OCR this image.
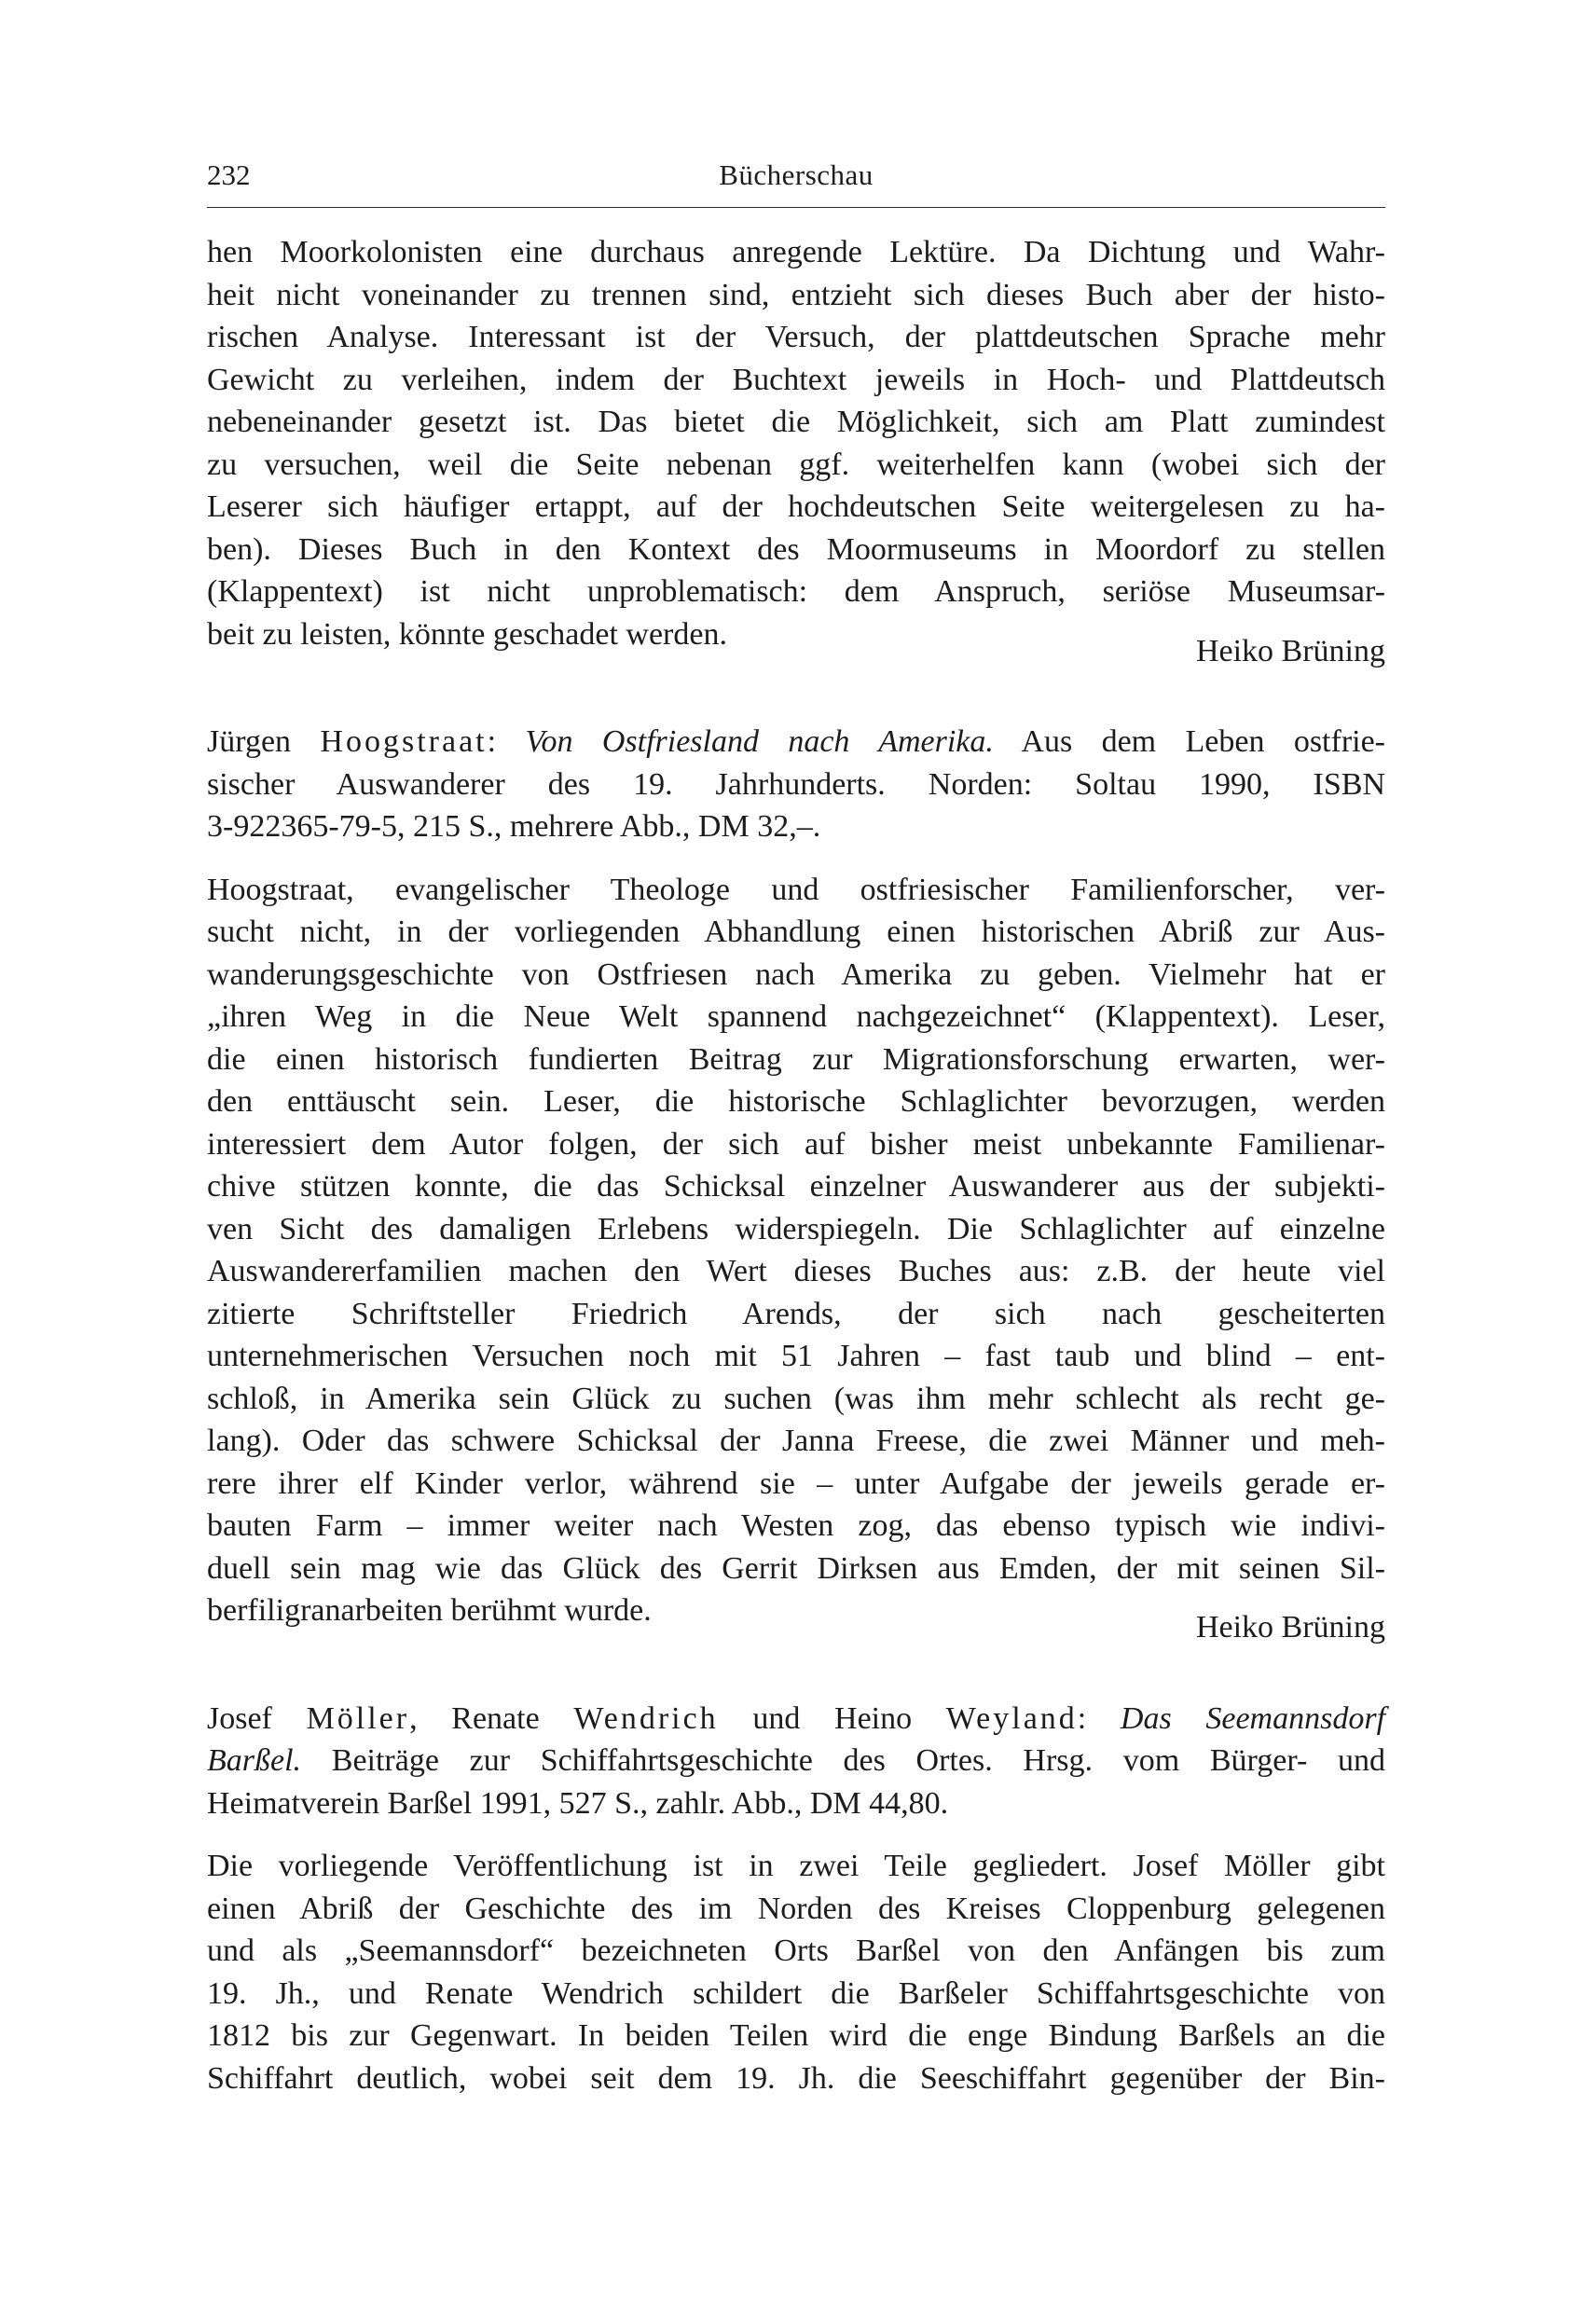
232	Bücherschau
hen Moorkolonisten eine durchaus anregende Lektüre. Da Dichtung und Wahr-
heit nicht voneinander zu trennen sind, entzieht sich dieses Buch aber der histo-
rischen Analyse. Interessant ist der Versuch, der plattdeutschen Sprache mehr
Gewicht zu verleihen, indem der Buchtext jeweils in Hoch- und Plattdeutsch
nebeneinander gesetzt ist. Das bietet die Möglichkeit, sich am Platt zumindest
zu versuchen, weil die Seite nebenan ggf. weiterhelfen kann (wobei sich der
Leserer sich häufiger ertappt, auf der hochdeutschen Seite weitergelesen zu ha-
ben). Dieses Buch in den Kontext des Moormuseums in Moordorf zu stellen
(Klappentext) ist nicht unproblematisch: dem Anspruch, seriöse Museumsar-
beit zu leisten, könnte geschadet werden.	Heiko Brüning

Jürgen Hoogstraat: Von Ostfriesland nach Amerika. Aus dem Leben ostfrie-
sischer Auswanderer des 19. Jahrhunderts. Norden: Soltau 1990, ISBN
3-922365-79-5, 215 S., mehrere Abb., DM 32,–.
Hoogstraat, evangelischer Theologe und ostfriesischer Familienforscher, ver-
sucht nicht, in der vorliegenden Abhandlung einen historischen Abriß zur Aus-
wanderungsgeschichte von Ostfriesen nach Amerika zu geben. Vielmehr hat er
„ihren Weg in die Neue Welt spannend nachgezeichnet“ (Klappentext). Leser,
die einen historisch fundierten Beitrag zur Migrationsforschung erwarten, wer-
den enttäuscht sein. Leser, die historische Schlaglichter bevorzugen, werden
interessiert dem Autor folgen, der sich auf bisher meist unbekannte Familienar-
chive stützen konnte, die das Schicksal einzelner Auswanderer aus der subjekti-
ven Sicht des damaligen Erlebens widerspiegeln. Die Schlaglichter auf einzelne
Auswandererfamilien machen den Wert dieses Buches aus: z.B. der heute viel
zitierte Schriftsteller Friedrich Arends, der sich nach gescheiterten
unternehmerischen Versuchen noch mit 51 Jahren – fast taub und blind – ent-
schloß, in Amerika sein Glück zu suchen (was ihm mehr schlecht als recht ge-
lang). Oder das schwere Schicksal der Janna Freese, die zwei Männer und meh-
rere ihrer elf Kinder verlor, während sie – unter Aufgabe der jeweils gerade er-
bauten Farm – immer weiter nach Westen zog, das ebenso typisch wie indivi-
duell sein mag wie das Glück des Gerrit Dirksen aus Emden, der mit seinen Sil-
berfiligranarbeiten berühmt wurde.	Heiko Brüning

Josef Möller, Renate Wendrich und Heino Weyland: Das Seemannsdorf
Barßel. Beiträge zur Schiffahrtsgeschichte des Ortes. Hrsg. vom Bürger- und
Heimatverein Barßel 1991, 527 S., zahlr. Abb., DM 44,80.
Die vorliegende Veröffentlichung ist in zwei Teile gegliedert. Josef Möller gibt
einen Abriß der Geschichte des im Norden des Kreises Cloppenburg gelegenen
und als „Seemannsdorf“ bezeichneten Orts Barßel von den Anfängen bis zum
19. Jh., und Renate Wendrich schildert die Barßeler Schiffahrtsgeschichte von
1812 bis zur Gegenwart. In beiden Teilen wird die enge Bindung Barßels an die
Schiffahrt deutlich, wobei seit dem 19. Jh. die Seeschiffahrt gegenüber der Bin-
